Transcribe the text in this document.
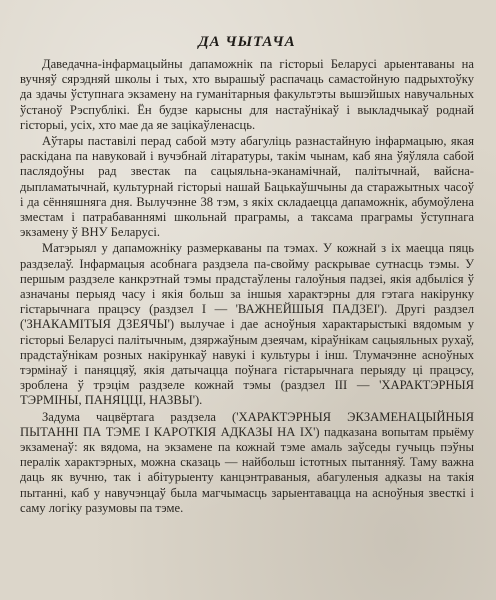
ДА ЧЫТАЧА

Даведачна-інфармацыйны дапаможнік па гісторыі Беларусі арыентаваны на вучняў сярэдняй школы і тых, хто вырашыў распачаць самастойную падрыхтоўку да здачы ўступнага экзамену на гуманітарныя факультэты вышэйшых навучальных ўстаноў Рэспублікі. Ён будзе карысны для настаўнікаў і выкладчыкаў роднай гісторыі, усіх, хто мае да яе зацікаўленасць.

Аўтары паставілі перад сабой мэту абагуліць разнастайную інфармацыю, якая раскідана па навуковай і вучэбнай літаратуры, такім чынам, каб яна ўяўляла сабой паслядоўны рад звестак па сацыяльна-эканамічнай, палітычнай, вайсна-дыпламатычнай, культурнай гісторыі нашай Бацькаўшчыны да старажытных часоў і да сённяшняга дня. Вылучэнне 38 тэм, з якіх складаецца дапаможнік, абумоўлена зместам і патрабаваннямі школьнай праграмы, а таксама праграмы ўступнага экзамену ў ВНУ Беларусі.

Матэрыял у дапаможніку размеркаваны па тэмах. У кожнай з іх маецца пяць раздзелаў. Інфармацыя асобнага раздзела па-свойму раскрывае сутнасць тэмы. У першым раздзеле канкрэтнай тэмы прадстаўлены галоўныя падзеі, якія адбыліся ў азначаны перыяд часу і якія больш за іншыя характэрны для гэтага накірунку гістарычнага працэсу (раздзел І — 'ВАЖНЕЙШЫЯ ПАДЗЕІ'). Другі раздзел ('ЗНАКАМІТЫЯ ДЗЕЯЧЫ') вылучае і дае асноўныя характарыстыкі вядомым у гісторыі Беларусі палітычным, дзяржаўным дзеячам, кіраўнікам сацыяльных рухаў, прадстаўнікам розных накірункаў навукі і культуры і інш. Тлумачэнне асноўных тэрмінаў і паняццяў, якія датычацца поўнага гістарычнага перыяду ці працэсу, зроблена ў трэцім раздзеле кожнай тэмы (раздзел ІІІ — 'ХАРАКТЭРНЫЯ ТЭРМІНЫ, ПАНЯЦЦІ, НАЗВЫ').

Задума чацвёртага раздзела ('ХАРАКТЭРНЫЯ ЭКЗАМЕНАЦЫЙНЫЯ ПЫТАННІ ПА ТЭМЕ І КАРОТКІЯ АДКАЗЫ НА ІХ') падказана вопытам прыёму экзаменаў: як вядома, на экзамене па кожнай тэме амаль заўседы гучыць пэўны пералік характэрных, можна сказаць — найбольш істотных пытанняў. Таму важна даць як вучню, так і абітурыенту канцэнтраваныя, абагуленыя адказы на такія пытанні, каб у навучэнцаў была магчымасць зарыентавацца на асноўныя звесткі і саму логіку разумовы па тэме.
